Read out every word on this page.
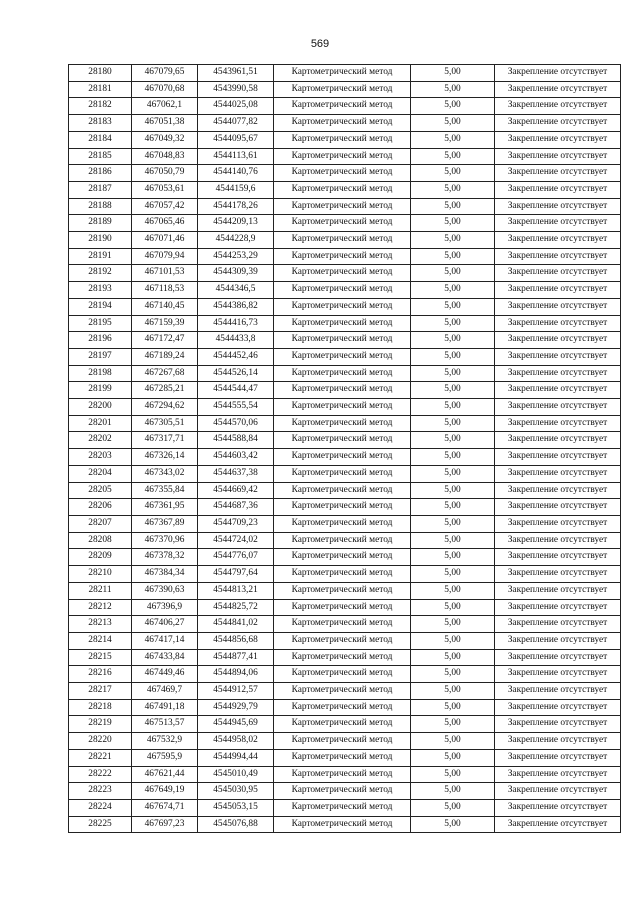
569
28180	467079,65	4543961,51	Картометрический метод	5,00	Закрепление отсутствует
28181	467070,68	4543990,58	Картометрический метод	5,00	Закрепление отсутствует
28182	467062,1	4544025,08	Картометрический метод	5,00	Закрепление отсутствует
28183	467051,38	4544077,82	Картометрический метод	5,00	Закрепление отсутствует
28184	467049,32	4544095,67	Картометрический метод	5,00	Закрепление отсутствует
28185	467048,83	4544113,61	Картометрический метод	5,00	Закрепление отсутствует
28186	467050,79	4544140,76	Картометрический метод	5,00	Закрепление отсутствует
28187	467053,61	4544159,6	Картометрический метод	5,00	Закрепление отсутствует
28188	467057,42	4544178,26	Картометрический метод	5,00	Закрепление отсутствует
28189	467065,46	4544209,13	Картометрический метод	5,00	Закрепление отсутствует
28190	467071,46	4544228,9	Картометрический метод	5,00	Закрепление отсутствует
28191	467079,94	4544253,29	Картометрический метод	5,00	Закрепление отсутствует
28192	467101,53	4544309,39	Картометрический метод	5,00	Закрепление отсутствует
28193	467118,53	4544346,5	Картометрический метод	5,00	Закрепление отсутствует
28194	467140,45	4544386,82	Картометрический метод	5,00	Закрепление отсутствует
28195	467159,39	4544416,73	Картометрический метод	5,00	Закрепление отсутствует
28196	467172,47	4544433,8	Картометрический метод	5,00	Закрепление отсутствует
28197	467189,24	4544452,46	Картометрический метод	5,00	Закрепление отсутствует
28198	467267,68	4544526,14	Картометрический метод	5,00	Закрепление отсутствует
28199	467285,21	4544544,47	Картометрический метод	5,00	Закрепление отсутствует
28200	467294,62	4544555,54	Картометрический метод	5,00	Закрепление отсутствует
28201	467305,51	4544570,06	Картометрический метод	5,00	Закрепление отсутствует
28202	467317,71	4544588,84	Картометрический метод	5,00	Закрепление отсутствует
28203	467326,14	4544603,42	Картометрический метод	5,00	Закрепление отсутствует
28204	467343,02	4544637,38	Картометрический метод	5,00	Закрепление отсутствует
28205	467355,84	4544669,42	Картометрический метод	5,00	Закрепление отсутствует
28206	467361,95	4544687,36	Картометрический метод	5,00	Закрепление отсутствует
28207	467367,89	4544709,23	Картометрический метод	5,00	Закрепление отсутствует
28208	467370,96	4544724,02	Картометрический метод	5,00	Закрепление отсутствует
28209	467378,32	4544776,07	Картометрический метод	5,00	Закрепление отсутствует
28210	467384,34	4544797,64	Картометрический метод	5,00	Закрепление отсутствует
28211	467390,63	4544813,21	Картометрический метод	5,00	Закрепление отсутствует
28212	467396,9	4544825,72	Картометрический метод	5,00	Закрепление отсутствует
28213	467406,27	4544841,02	Картометрический метод	5,00	Закрепление отсутствует
28214	467417,14	4544856,68	Картометрический метод	5,00	Закрепление отсутствует
28215	467433,84	4544877,41	Картометрический метод	5,00	Закрепление отсутствует
28216	467449,46	4544894,06	Картометрический метод	5,00	Закрепление отсутствует
28217	467469,7	4544912,57	Картометрический метод	5,00	Закрепление отсутствует
28218	467491,18	4544929,79	Картометрический метод	5,00	Закрепление отсутствует
28219	467513,57	4544945,69	Картометрический метод	5,00	Закрепление отсутствует
28220	467532,9	4544958,02	Картометрический метод	5,00	Закрепление отсутствует
28221	467595,9	4544994,44	Картометрический метод	5,00	Закрепление отсутствует
28222	467621,44	4545010,49	Картометрический метод	5,00	Закрепление отсутствует
28223	467649,19	4545030,95	Картометрический метод	5,00	Закрепление отсутствует
28224	467674,71	4545053,15	Картометрический метод	5,00	Закрепление отсутствует
28225	467697,23	4545076,88	Картометрический метод	5,00	Закрепление отсутствует
